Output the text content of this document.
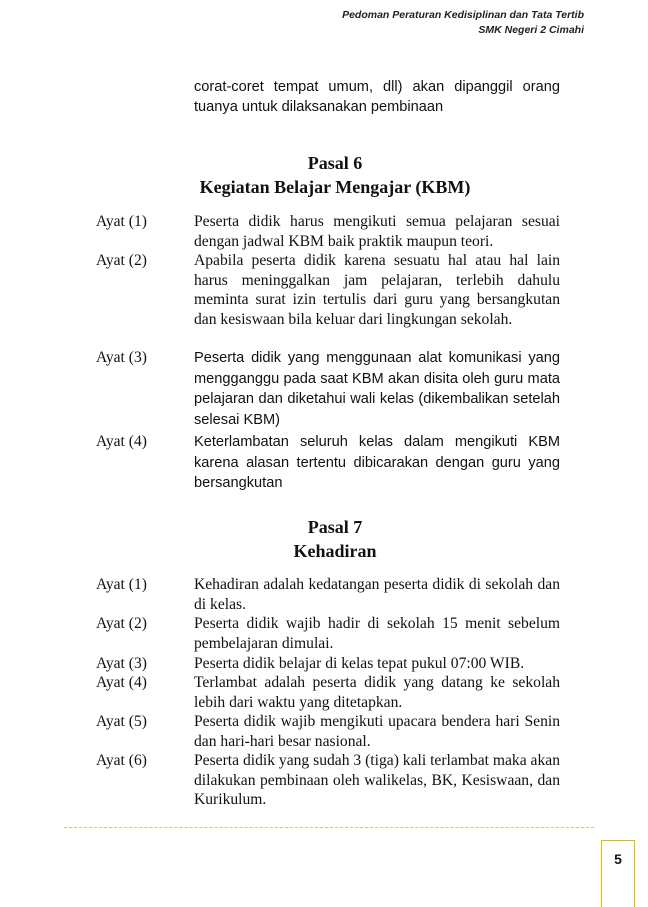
Pedoman Peraturan Kedisiplinan dan Tata Tertib
SMK Negeri 2 Cimahi
corat-coret tempat umum, dll) akan dipanggil orang tuanya untuk dilaksanakan pembinaan
Pasal 6
Kegiatan Belajar Mengajar (KBM)
Ayat (1)	Peserta didik harus mengikuti semua pelajaran sesuai dengan jadwal KBM baik praktik maupun teori.
Ayat (2)	Apabila peserta didik karena sesuatu hal atau hal lain harus meninggalkan jam pelajaran, terlebih dahulu meminta surat izin tertulis dari guru yang bersangkutan dan kesiswaan bila keluar dari lingkungan sekolah.
Ayat (3)	Peserta didik yang menggunaan alat komunikasi yang mengganggu pada saat KBM akan disita oleh guru mata pelajaran dan diketahui wali kelas (dikembalikan setelah selesai KBM)
Ayat (4)	Keterlambatan seluruh kelas dalam mengikuti KBM karena alasan tertentu dibicarakan dengan guru yang bersangkutan
Pasal 7
Kehadiran
Ayat (1)	Kehadiran adalah kedatangan peserta didik di sekolah dan di kelas.
Ayat (2)	Peserta didik wajib hadir di sekolah 15 menit sebelum pembelajaran dimulai.
Ayat (3)	Peserta didik belajar di kelas tepat pukul 07:00 WIB.
Ayat (4)	Terlambat adalah peserta didik yang datang ke sekolah lebih dari waktu yang ditetapkan.
Ayat (5)	Peserta didik wajib mengikuti upacara bendera hari Senin dan hari-hari besar nasional.
Ayat (6)	Peserta didik yang sudah 3 (tiga) kali terlambat maka akan dilakukan pembinaan oleh walikelas, BK, Kesiswaan, dan Kurikulum.
5
